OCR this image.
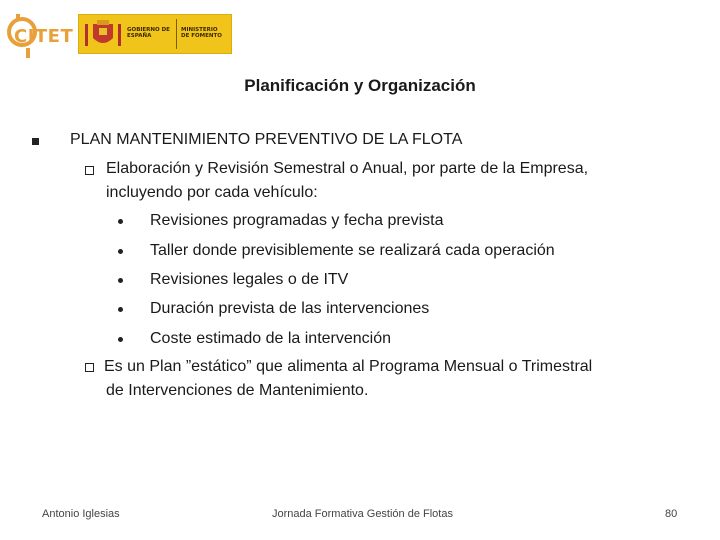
CITET	GOBIERNO DE ESPAÑA
MINISTERIO DE FOMENTO
Planificación y Organización
PLAN MANTENIMIENTO PREVENTIVO DE LA FLOTA
Elaboración y Revisión Semestral o Anual, por parte de la Empresa,
incluyendo por cada vehículo:
Revisiones programadas y fecha prevista
Taller donde previsiblemente se realizará cada operación
Revisiones legales o de ITV
Duración prevista de las intervenciones
Coste estimado de la intervención
Es un Plan ”estático” que alimenta al Programa Mensual o Trimestral
de Intervenciones de Mantenimiento.
Antonio Iglesias	Jornada Formativa Gestión de Flotas	80
